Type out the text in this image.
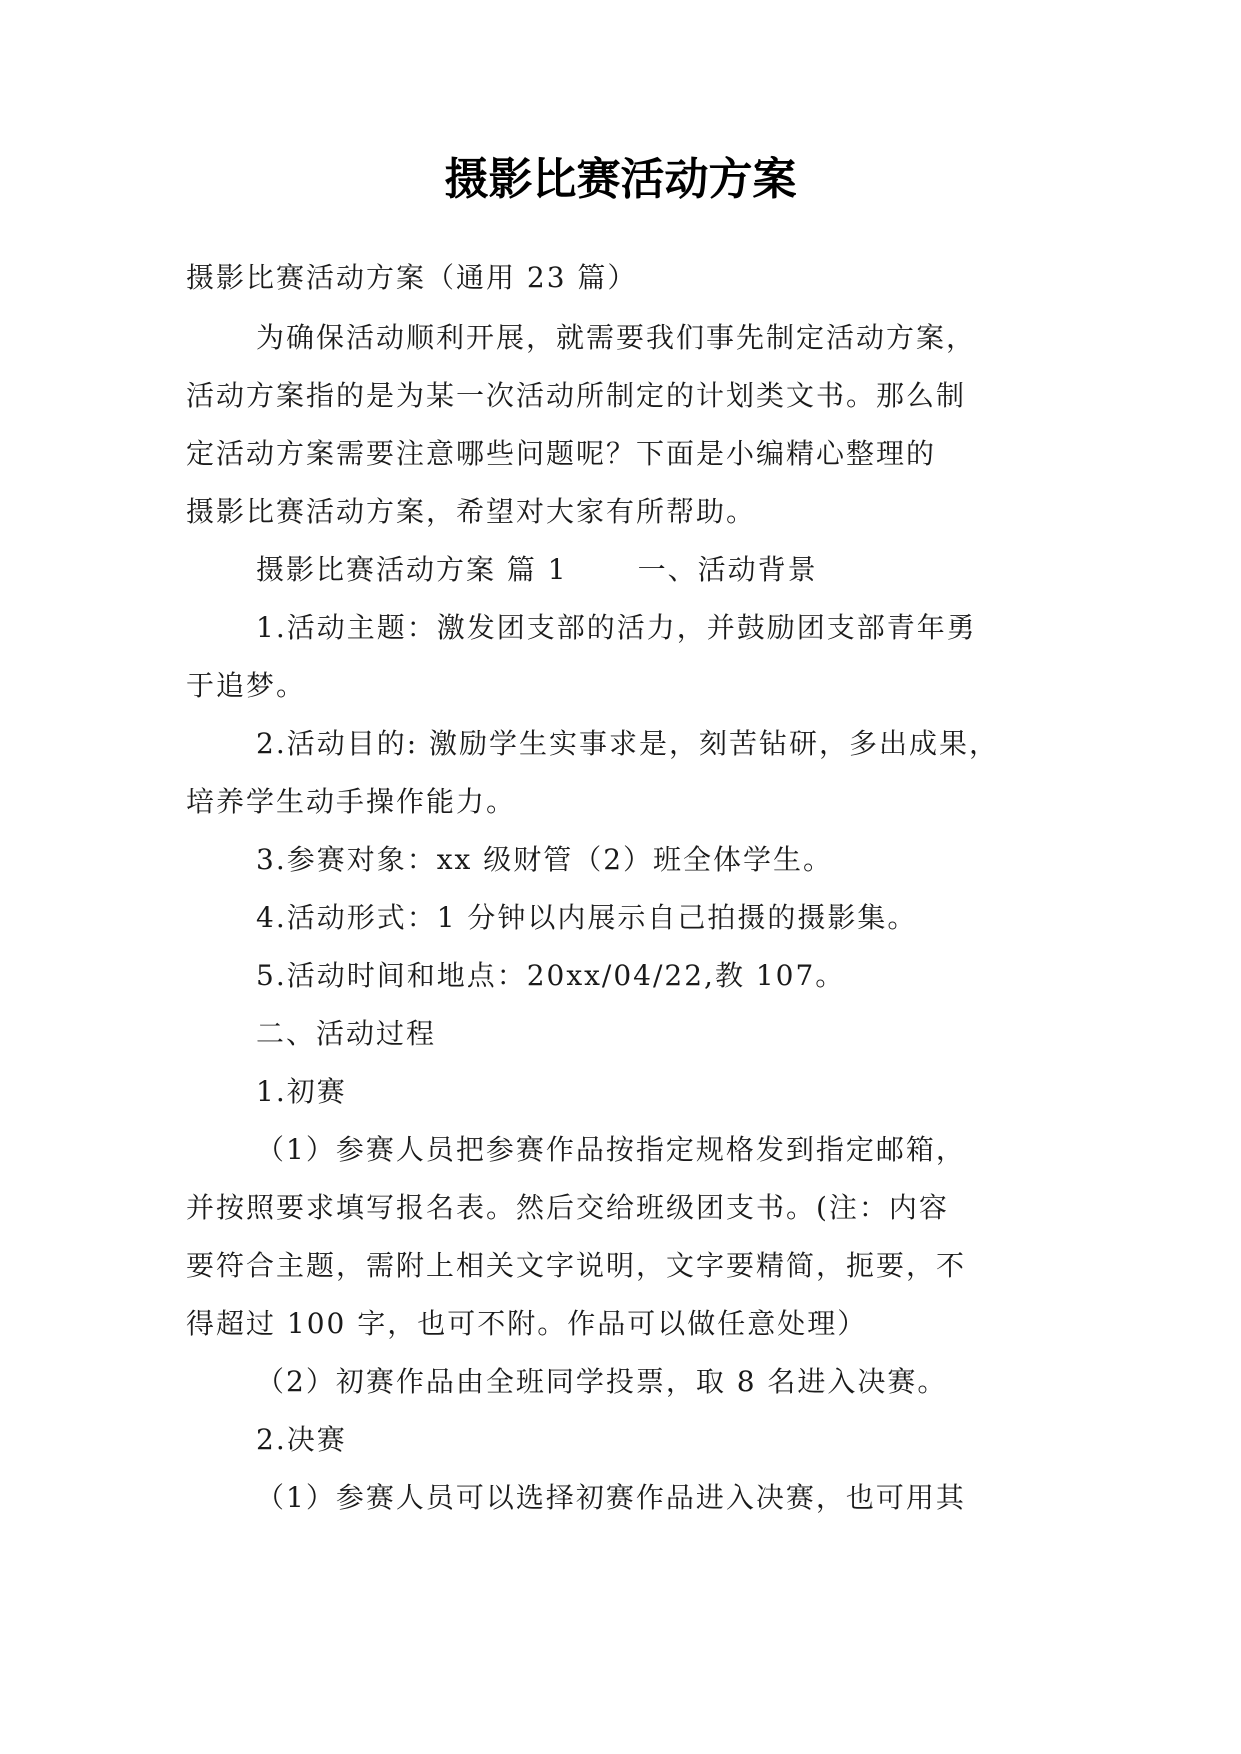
摄影比赛活动方案
摄影比赛活动方案（通用 23 篇）
为确保活动顺利开展，就需要我们事先制定活动方案，
活动方案指的是为某一次活动所制定的计划类文书。那么制
定活动方案需要注意哪些问题呢？下面是小编精心整理的
摄影比赛活动方案，希望对大家有所帮助。
摄影比赛活动方案 篇 1	一、活动背景
1.活动主题：激发团支部的活力，并鼓励团支部青年勇
于追梦。
2.活动目的: 激励学生实事求是，刻苦钻研，多出成果，
培养学生动手操作能力。
3.参赛对象：xx 级财管（2）班全体学生。
4.活动形式：1 分钟以内展示自己拍摄的摄影集。
5.活动时间和地点：20xx/04/22,教 107。
二、活动过程
1.初赛
（1）参赛人员把参赛作品按指定规格发到指定邮箱，
并按照要求填写报名表。然后交给班级团支书。(注：内容
要符合主题，需附上相关文字说明，文字要精简，扼要，不
得超过 100 字，也可不附。作品可以做任意处理）
（2）初赛作品由全班同学投票，取 8 名进入决赛。
2.决赛
（1）参赛人员可以选择初赛作品进入决赛，也可用其
